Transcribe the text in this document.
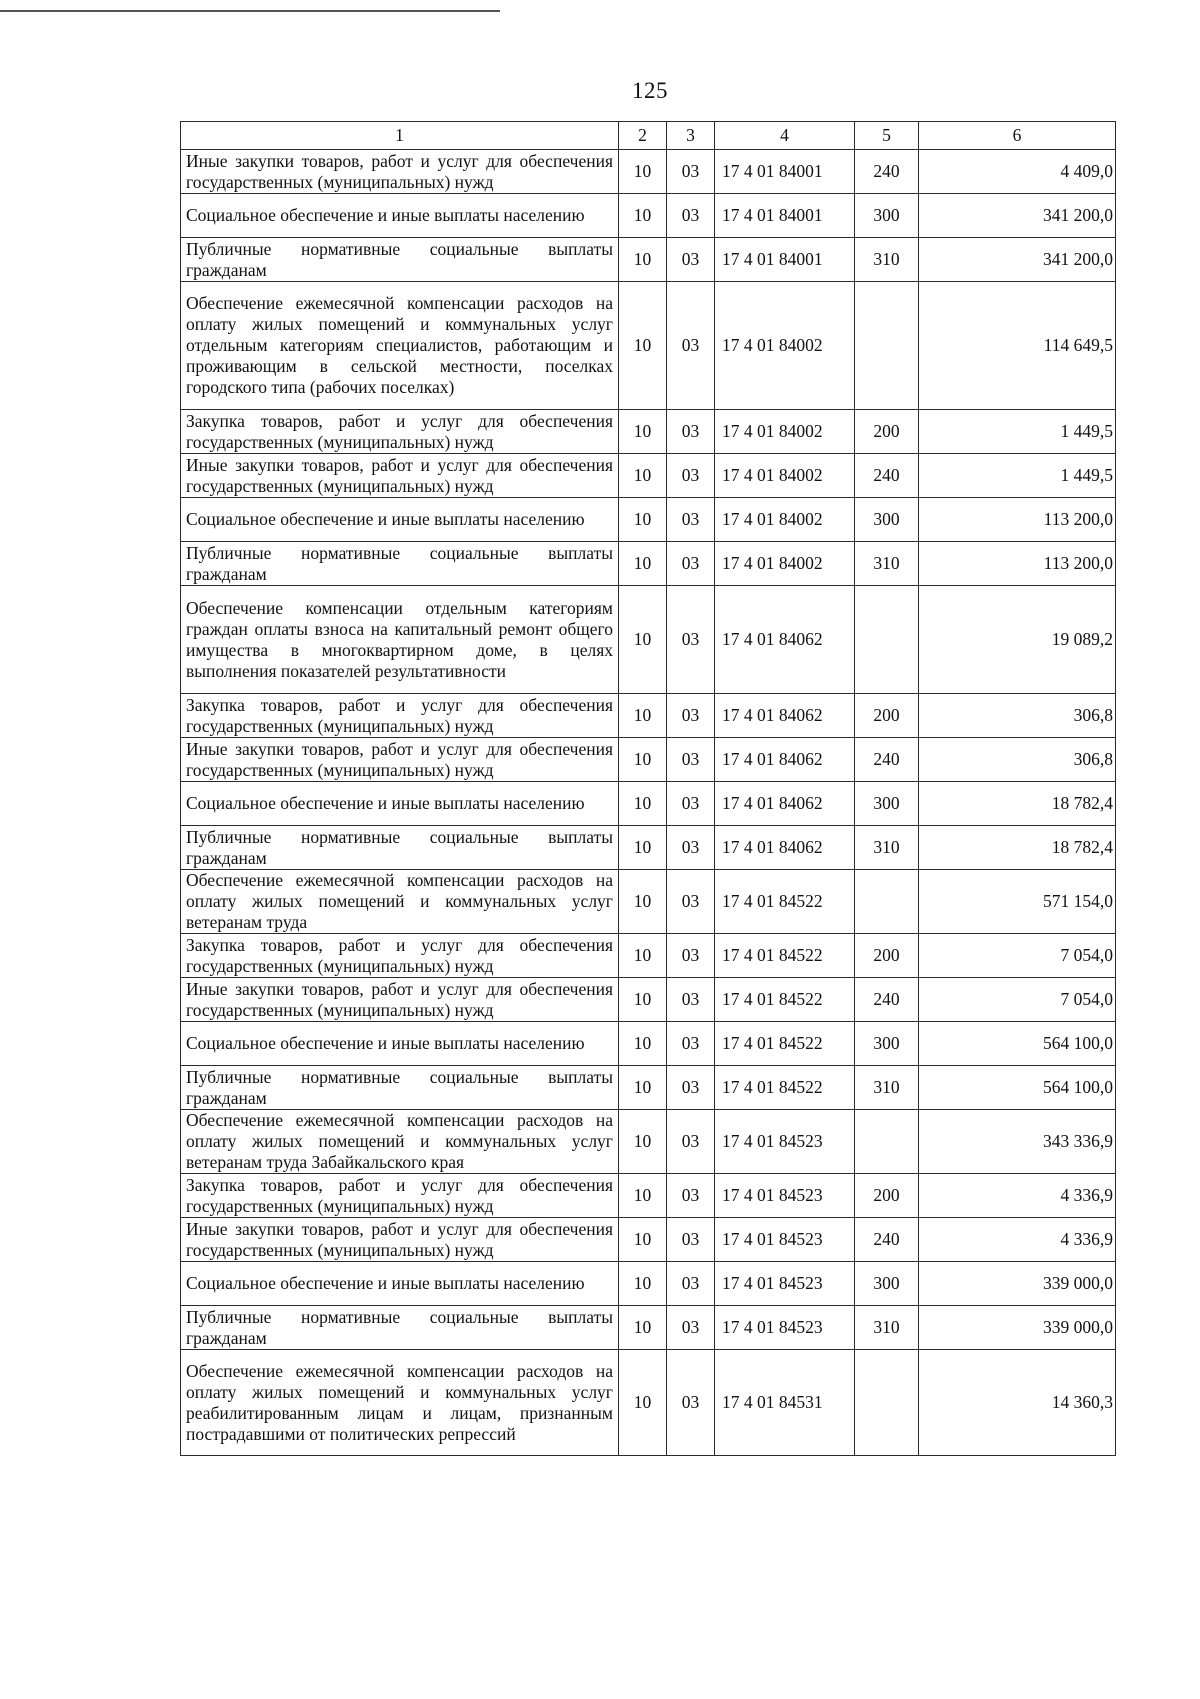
125
1	2	3	4	5	6
Иные закупки товаров, работ и услуг для обеспечения государственных (муниципальных) нужд	10	03	17 4 01 84001	240	4 409,0
Социальное обеспечение и иные выплаты населению	10	03	17 4 01 84001	300	341 200,0
Публичные нормативные социальные выплаты гражданам	10	03	17 4 01 84001	310	341 200,0
Обеспечение ежемесячной компенсации расходов на оплату жилых помещений и коммунальных услуг отдельным категориям специалистов, работающим и проживающим в сельской местности, поселках городского типа (рабочих поселках)	10	03	17 4 01 84002		114 649,5
Закупка товаров, работ и услуг для обеспечения государственных (муниципальных) нужд	10	03	17 4 01 84002	200	1 449,5
Иные закупки товаров, работ и услуг для обеспечения государственных (муниципальных) нужд	10	03	17 4 01 84002	240	1 449,5
Социальное обеспечение и иные выплаты населению	10	03	17 4 01 84002	300	113 200,0
Публичные нормативные социальные выплаты гражданам	10	03	17 4 01 84002	310	113 200,0
Обеспечение компенсации отдельным категориям граждан оплаты взноса на капитальный ремонт общего имущества в многоквартирном доме, в целях выполнения показателей результативности	10	03	17 4 01 84062		19 089,2
Закупка товаров, работ и услуг для обеспечения государственных (муниципальных) нужд	10	03	17 4 01 84062	200	306,8
Иные закупки товаров, работ и услуг для обеспечения государственных (муниципальных) нужд	10	03	17 4 01 84062	240	306,8
Социальное обеспечение и иные выплаты населению	10	03	17 4 01 84062	300	18 782,4
Публичные нормативные социальные выплаты гражданам	10	03	17 4 01 84062	310	18 782,4
Обеспечение ежемесячной компенсации расходов на оплату жилых помещений и коммунальных услуг ветеранам труда	10	03	17 4 01 84522		571 154,0
Закупка товаров, работ и услуг для обеспечения государственных (муниципальных) нужд	10	03	17 4 01 84522	200	7 054,0
Иные закупки товаров, работ и услуг для обеспечения государственных (муниципальных) нужд	10	03	17 4 01 84522	240	7 054,0
Социальное обеспечение и иные выплаты населению	10	03	17 4 01 84522	300	564 100,0
Публичные нормативные социальные выплаты гражданам	10	03	17 4 01 84522	310	564 100,0
Обеспечение ежемесячной компенсации расходов на оплату жилых помещений и коммунальных услуг ветеранам труда Забайкальского края	10	03	17 4 01 84523		343 336,9
Закупка товаров, работ и услуг для обеспечения государственных (муниципальных) нужд	10	03	17 4 01 84523	200	4 336,9
Иные закупки товаров, работ и услуг для обеспечения государственных (муниципальных) нужд	10	03	17 4 01 84523	240	4 336,9
Социальное обеспечение и иные выплаты населению	10	03	17 4 01 84523	300	339 000,0
Публичные нормативные социальные выплаты гражданам	10	03	17 4 01 84523	310	339 000,0
Обеспечение ежемесячной компенсации расходов на оплату жилых помещений и коммунальных услуг реабилитированным лицам и лицам, признанным пострадавшими от политических репрессий	10	03	17 4 01 84531		14 360,3
